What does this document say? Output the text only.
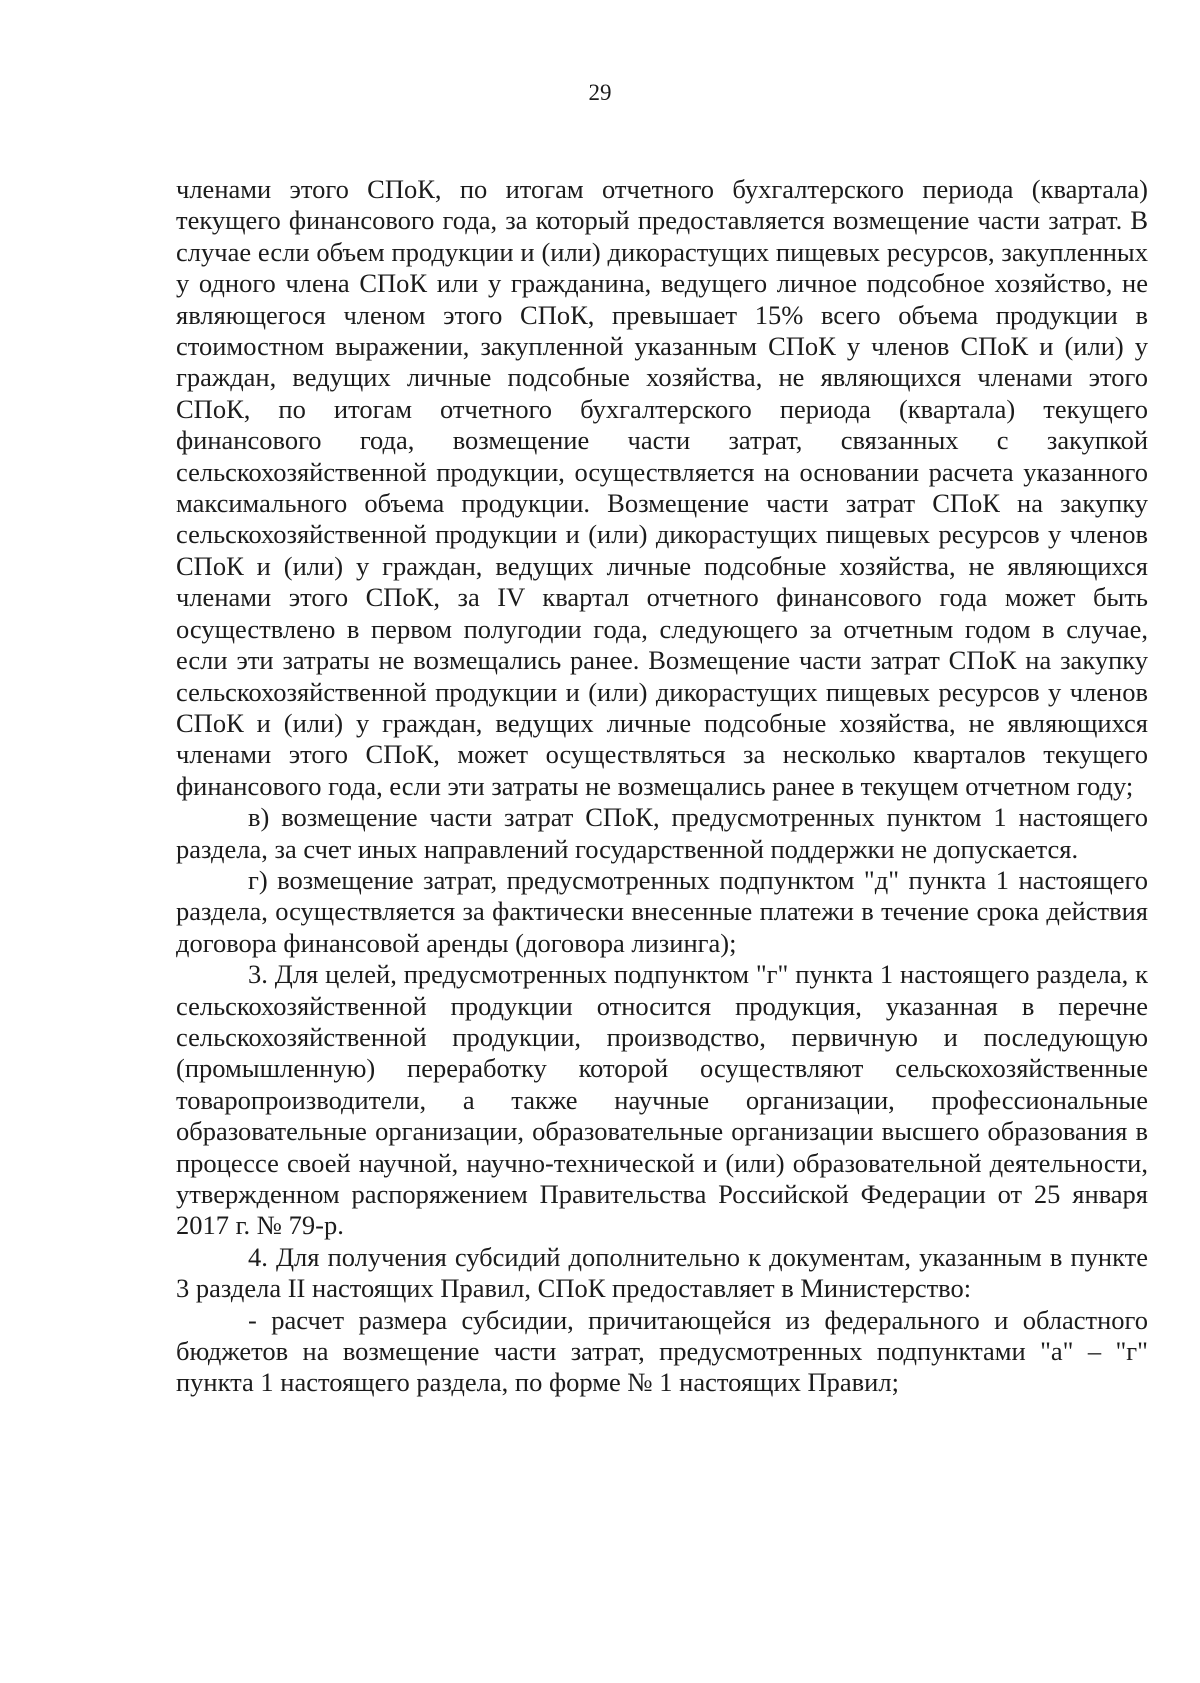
29

членами этого СПоК, по итогам отчетного бухгалтерского периода (квартала) текущего финансового года, за который предоставляется возмещение части затрат. В случае если объем продукции и (или) дикорастущих пищевых ресурсов, закупленных у одного члена СПоК или у гражданина, ведущего личное подсобное хозяйство, не являющегося членом этого СПоК, превышает 15% всего объема продукции в стоимостном выражении, закупленной указанным СПоК у членов СПоК и (или) у граждан, ведущих личные подсобные хозяйства, не являющихся членами этого СПоК, по итогам отчетного бухгалтерского периода (квартала) текущего финансового года, возмещение части затрат, связанных с закупкой сельскохозяйственной продукции, осуществляется на основании расчета указанного максимального объема продукции. Возмещение части затрат СПоК на закупку сельскохозяйственной продукции и (или) дикорастущих пищевых ресурсов у членов СПоК и (или) у граждан, ведущих личные подсобные хозяйства, не являющихся членами этого СПоК, за IV квартал отчетного финансового года может быть осуществлено в первом полугодии года, следующего за отчетным годом в случае, если эти затраты не возмещались ранее. Возмещение части затрат СПоК на закупку сельскохозяйственной продукции и (или) дикорастущих пищевых ресурсов у членов СПоК и (или) у граждан, ведущих личные подсобные хозяйства, не являющихся членами этого СПоК, может осуществляться за несколько кварталов текущего финансового года, если эти затраты не возмещались ранее в текущем отчетном году;

в) возмещение части затрат СПоК, предусмотренных пунктом 1 настоящего раздела, за счет иных направлений государственной поддержки не допускается.

г) возмещение затрат, предусмотренных подпунктом "д" пункта 1 настоящего раздела, осуществляется за фактически внесенные платежи в течение срока действия договора финансовой аренды (договора лизинга);

3. Для целей, предусмотренных подпунктом "г" пункта 1 настоящего раздела, к сельскохозяйственной продукции относится продукция, указанная в перечне сельскохозяйственной продукции, производство, первичную и последующую (промышленную) переработку которой осуществляют сельскохозяйственные товаропроизводители, а также научные организации, профессиональные образовательные организации, образовательные организации высшего образования в процессе своей научной, научно-технической и (или) образовательной деятельности, утвержденном распоряжением Правительства Российской Федерации от 25 января 2017 г. № 79-р.

4. Для получения субсидий дополнительно к документам, указанным в пункте 3 раздела II настоящих Правил, СПоК предоставляет в Министерство:

- расчет размера субсидии, причитающейся из федерального и областного бюджетов на возмещение части затрат, предусмотренных подпунктами "а" – "г" пункта 1 настоящего раздела, по форме № 1 настоящих Правил;
